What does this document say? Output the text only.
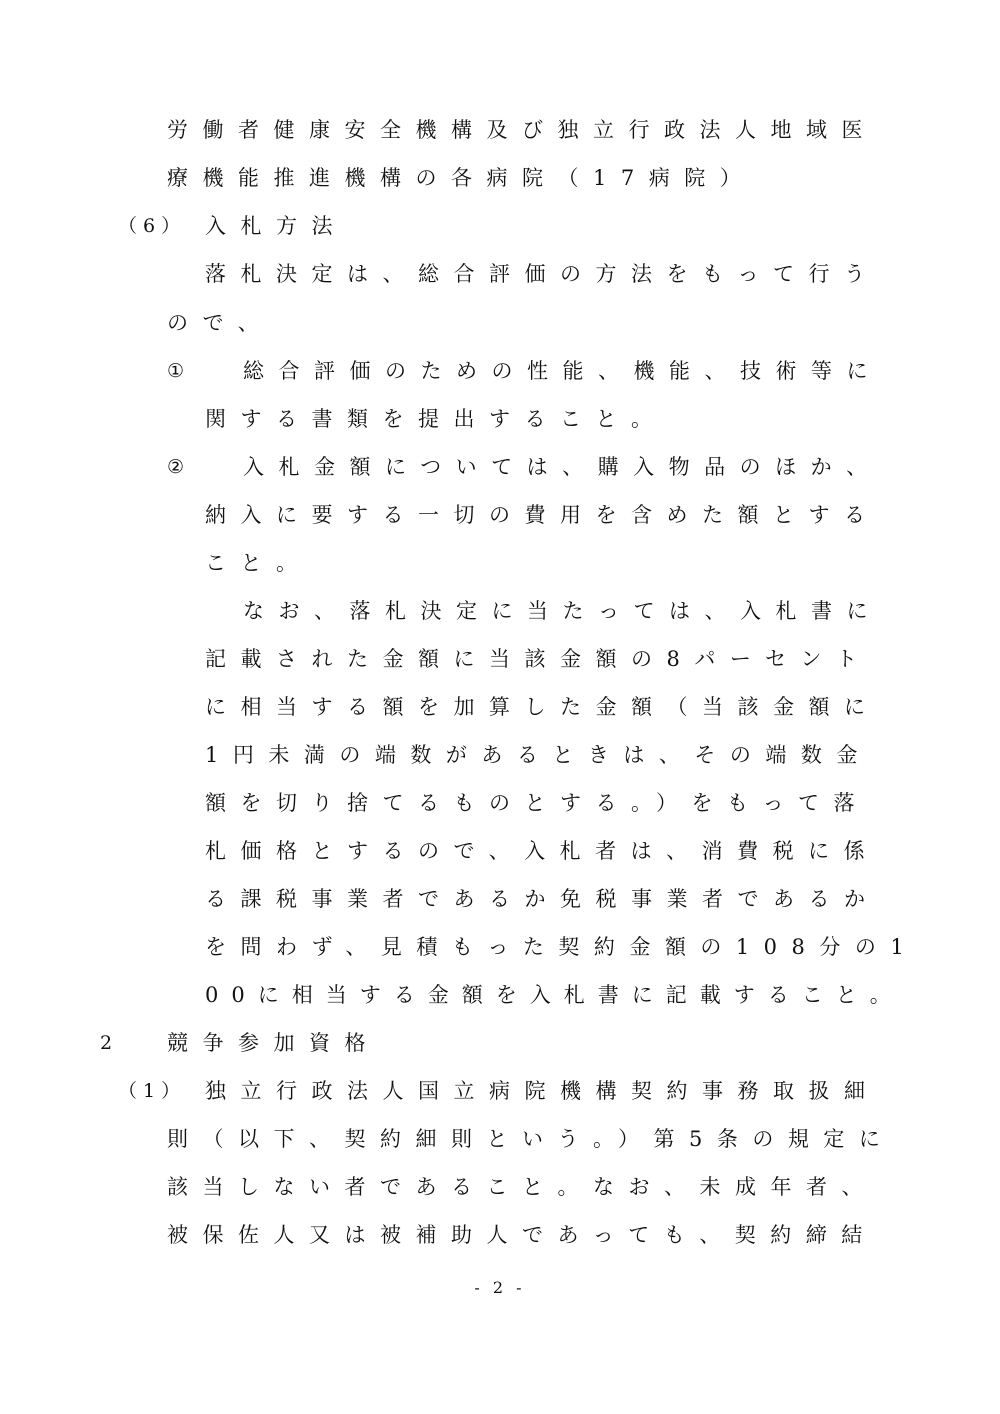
労働者健康安全機構及び独立行政法人地域医
療機能推進機構の各病院（17病院）
（6） 入札方法
落札決定は、総合評価の方法をもって行う
ので、
①	総合評価のための性能、機能、技術等に
関する書類を提出すること。
②	入札金額については、購入物品のほか、
納入に要する一切の費用を含めた額とする
こと。
なお、落札決定に当たっては、入札書に
記載された金額に当該金額の8パーセント
に相当する額を加算した金額（当該金額に
1円未満の端数があるときは、その端数金
額を切り捨てるものとする。）をもって落
札価格とするので、入札者は、消費税に係
る課税事業者であるか免税事業者であるか
を問わず、見積もった契約金額の108分の1
00に相当する金額を入札書に記載すること。
2 競争参加資格
（1） 独立行政法人国立病院機構契約事務取扱細
則（以下、契約細則という。）第5条の規定に
該当しない者であること。なお、未成年者、
被保佐人又は被補助人であっても、契約締結
- 2 -
